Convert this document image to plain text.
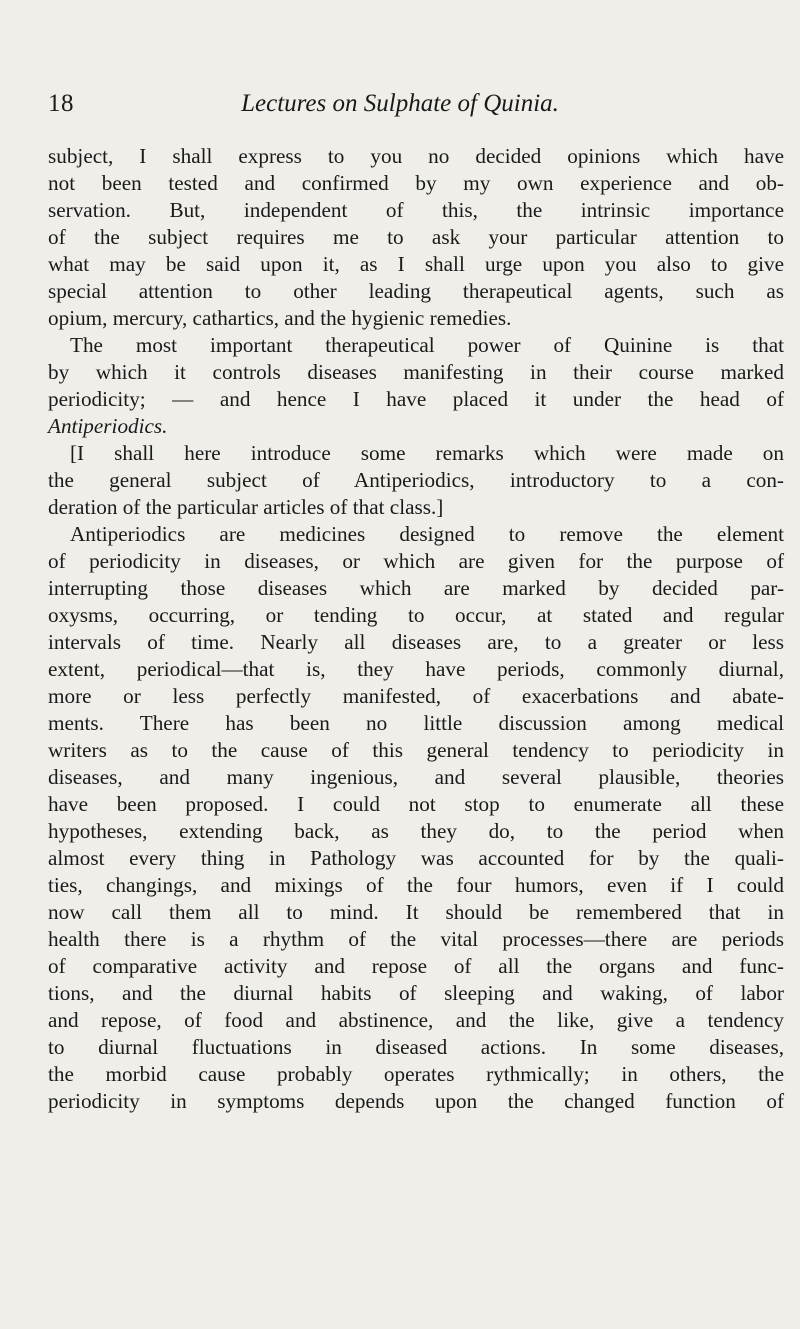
18	Lectures on Sulphate of Quinia.
subject, I shall express to you no decided opinions which have
not been tested and confirmed by my own experience and ob-
servation. But, independent of this, the intrinsic importance
of the subject requires me to ask your particular attention to
what may be said upon it, as I shall urge upon you also to give
special attention to other leading therapeutical agents, such as
opium, mercury, cathartics, and the hygienic remedies.
The most important therapeutical power of Quinine is that
by which it controls diseases manifesting in their course marked
periodicity; — and hence I have placed it under the head of
Antiperiodics.
[I shall here introduce some remarks which were made on
the general subject of Antiperiodics, introductory to a con-
deration of the particular articles of that class.]
Antiperiodics are medicines designed to remove the element
of periodicity in diseases, or which are given for the purpose of
interrupting those diseases which are marked by decided par-
oxysms, occurring, or tending to occur, at stated and regular
intervals of time. Nearly all diseases are, to a greater or less
extent, periodical—that is, they have periods, commonly diurnal,
more or less perfectly manifested, of exacerbations and abate-
ments. There has been no little discussion among medical
writers as to the cause of this general tendency to periodicity in
diseases, and many ingenious, and several plausible, theories
have been proposed. I could not stop to enumerate all these
hypotheses, extending back, as they do, to the period when
almost every thing in Pathology was accounted for by the quali-
ties, changings, and mixings of the four humors, even if I could
now call them all to mind. It should be remembered that in
health there is a rhythm of the vital processes—there are periods
of comparative activity and repose of all the organs and func-
tions, and the diurnal habits of sleeping and waking, of labor
and repose, of food and abstinence, and the like, give a tendency
to diurnal fluctuations in diseased actions. In some diseases,
the morbid cause probably operates rythmically; in others, the
periodicity in symptoms depends upon the changed function of
